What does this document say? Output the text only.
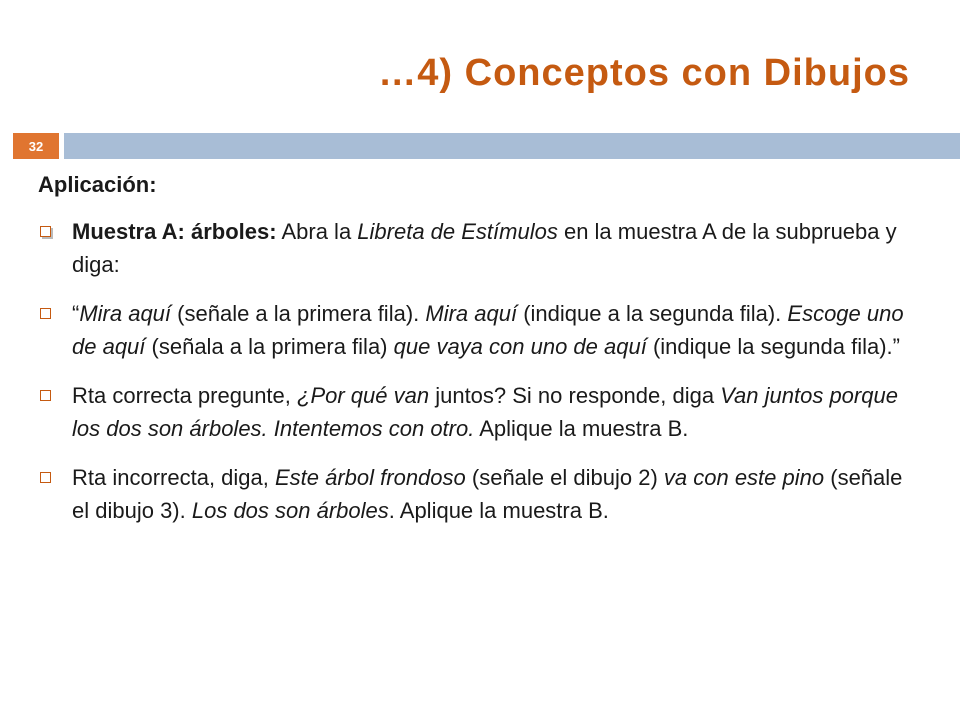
…4) Conceptos con Dibujos
32
Aplicación:
Muestra A: árboles: Abra la Libreta de Estímulos en la muestra A de la subprueba y diga:
“Mira aquí (señale a la primera fila). Mira aquí (indique a la segunda fila). Escoge uno de aquí (señala a la primera fila) que vaya con uno de aquí (indique la segunda fila).”
Rta correcta pregunte, ¿Por qué van juntos? Si no responde, diga Van juntos porque los dos son árboles. Intentemos con otro. Aplique la muestra B.
Rta incorrecta, diga, Este árbol frondoso (señale el dibujo 2) va con este pino (señale el dibujo 3). Los dos son árboles. Aplique la muestra B.
